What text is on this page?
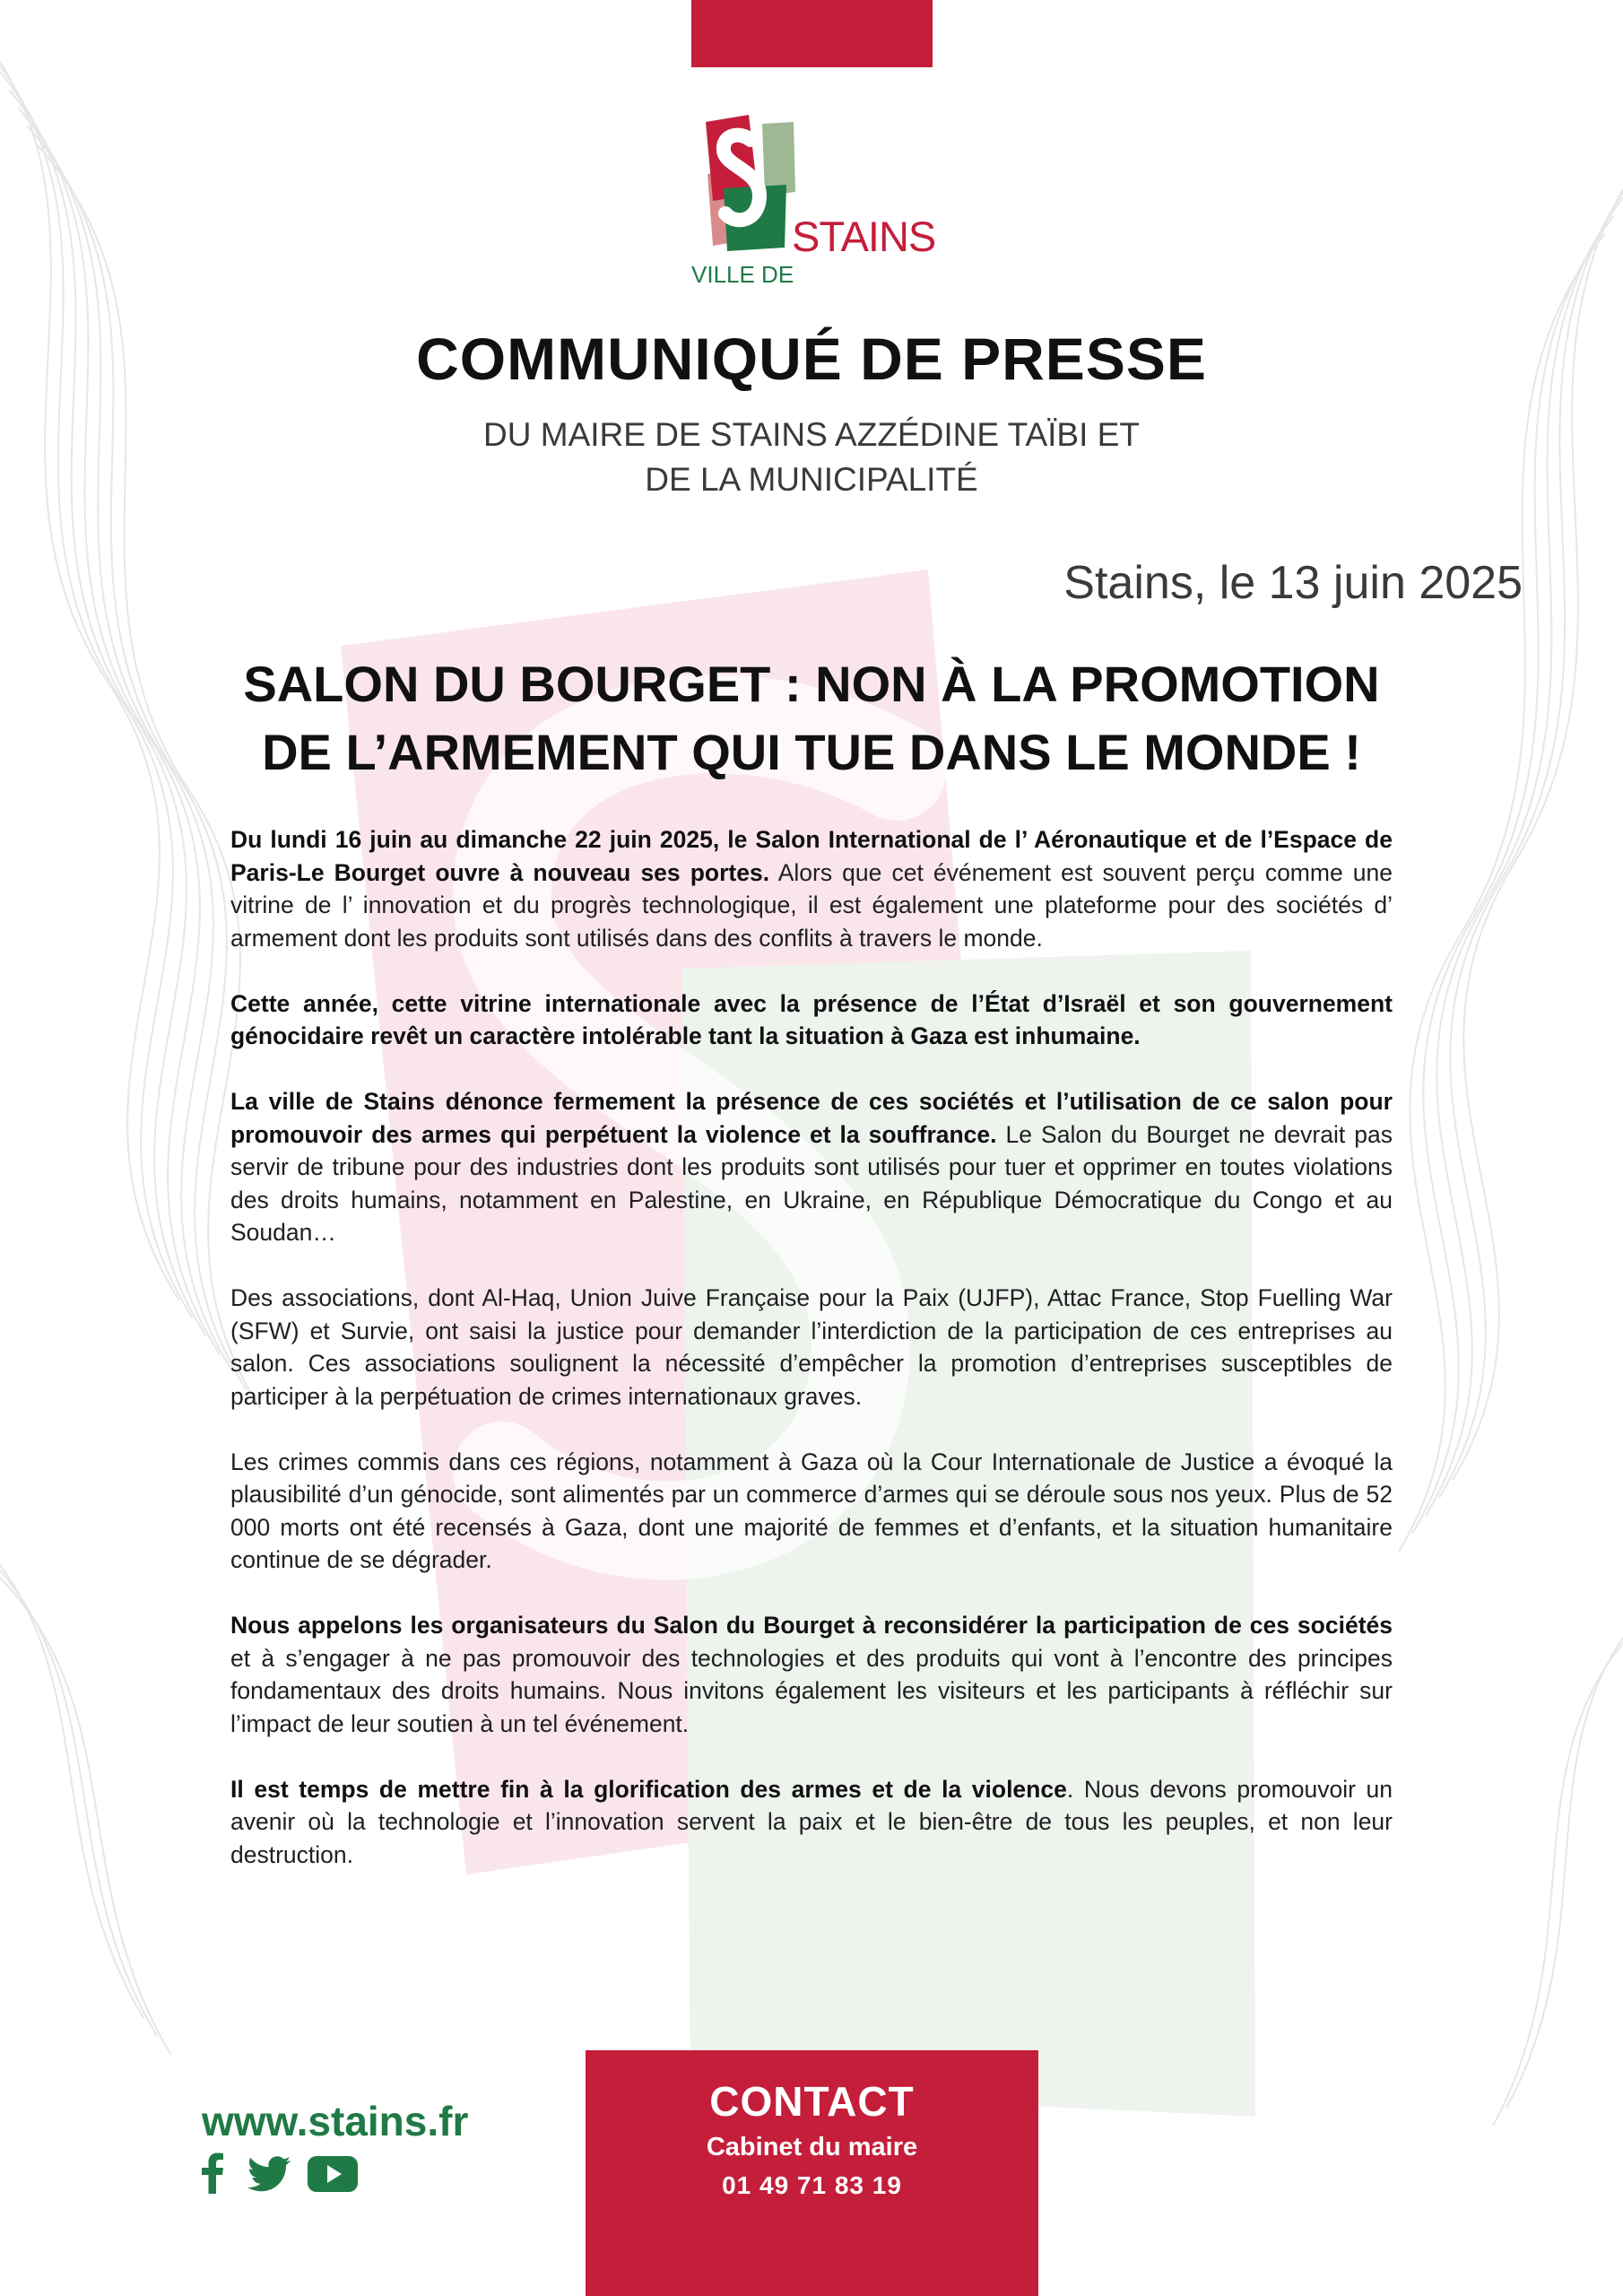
STAINS
VILLE DE
COMMUNIQUÉ DE PRESSE
DU MAIRE DE STAINS AZZÉDINE TAÏBI ET
DE LA MUNICIPALITÉ
Stains, le 13 juin 2025
SALON DU BOURGET : NON À LA PROMOTION
DE L’ARMEMENT QUI TUE DANS LE MONDE !

Du lundi 16 juin au dimanche 22 juin 2025, le Salon International de l’ Aéronautique et de l’Espace de Paris-Le Bourget ouvre à nouveau ses portes. Alors que cet événement est souvent perçu comme une vitrine de l’ innovation et du progrès technologique, il est également une plateforme pour des sociétés d’ armement dont les produits sont utilisés dans des conflits à travers le monde.

Cette année, cette vitrine internationale avec la présence de l’État d’Israël et son gouvernement génocidaire revêt un caractère intolérable tant la situation à Gaza est inhumaine.

La ville de Stains dénonce fermement la présence de ces sociétés et l’utilisation de ce salon pour promouvoir des armes qui perpétuent la violence et la souffrance. Le Salon du Bourget ne devrait pas servir de tribune pour des industries dont les produits sont utilisés pour tuer et opprimer en toutes violations des droits humains, notamment en Palestine, en Ukraine, en République Démocratique du Congo et au Soudan…

Des associations, dont Al-Haq, Union Juive Française pour la Paix (UJFP), Attac France, Stop Fuelling War (SFW) et Survie, ont saisi la justice pour demander l’interdiction de la participation de ces entreprises au salon. Ces associations soulignent la nécessité d’empêcher la promotion d’entreprises susceptibles de participer à la perpétuation de crimes internationaux graves.

Les crimes commis dans ces régions, notamment à Gaza où la Cour Internationale de Justice a évoqué la plausibilité d’un génocide, sont alimentés par un commerce d’armes qui se déroule sous nos yeux. Plus de 52 000 morts ont été recensés à Gaza, dont une majorité de femmes et d’enfants, et la situation humanitaire continue de se dégrader.

Nous appelons les organisateurs du Salon du Bourget à reconsidérer la participation de ces sociétés et à s’engager à ne pas promouvoir des technologies et des produits qui vont à l’encontre des principes fondamentaux des droits humains. Nous invitons également les visiteurs et les participants à réfléchir sur l’impact de leur soutien à un tel événement.

Il est temps de mettre fin à la glorification des armes et de la violence. Nous devons promouvoir un avenir où la technologie et l’innovation servent la paix et le bien-être de tous les peuples, et non leur destruction.

www.stains.fr	CONTACT
Cabinet du maire
01 49 71 83 19
